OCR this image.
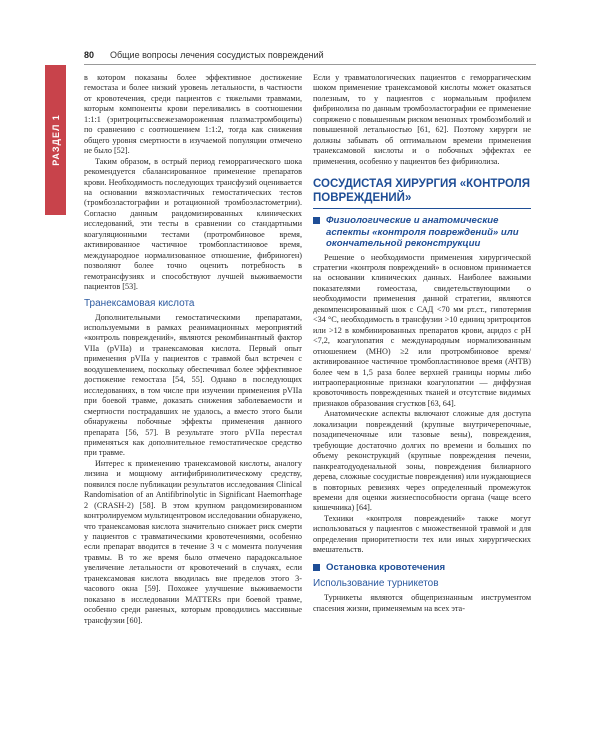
80 Общие вопросы лечения сосудистых повреждений
РАЗДЕЛ 1

в котором показаны более эффективное достижение гемостаза и более низкий уровень летальности, в частности от кровотечения, среди пациентов с тяжелыми травмами, которым компоненты крови переливались в соотношении 1:1:1 (эритроциты:свежезамороженная плазма:тромбоциты) по сравнению с соотношением 1:1:2, тогда как снижения общего уровня смертности в изучаемой популяции отмечено не было [52].

Таким образом, в острый период геморрагического шока рекомендуется сбалансированное применение препаратов крови. Необходимость последующих трансфузий оценивается на основании вязкоэластичных гемостатических тестов (тромбоэластографии и ротационной тромбоэластометрии). Согласно данным рандомизированных клинических исследований, эти тесты в сравнении со стандартными коагуляционными тестами (протромбиновое время, активированное частичное тромбопластиновое время, международное нормализованное отношение, фибриноген) позволяют более точно оценить потребность в гемотрансфузиях и способствуют лучшей выживаемости пациентов [53].

Транексамовая кислота

Дополнительными гемостатическими препаратами, используемыми в рамках реанимационных мероприятий «контроль повреждений», являются рекомбинантный фактор VIIa (рVIIa) и транексамовая кислота. Первый опыт применения рVIIa у пациентов с травмой был встречен с воодушевлением, поскольку обеспечивал более эффективное достижение гемостаза [54, 55]. Однако в последующих исследованиях, в том числе при изучении применения рVIIa при боевой травме, доказать снижения заболеваемости и смертности пострадавших не удалось, а вместо этого были обнаружены побочные эффекты применения данного препарата [56, 57]. В результате этого рVIIa перестал применяться как дополнительное гемостатическое средство при травме.

Интерес к применению транексамовой кислоты, аналогу лизина и мощному антифибринолитическому средству, появился после публикации результатов исследования Clinical Randomisation of an Antifibrinolytic in Significant Haemorrhage 2 (CRASH-2) [58]. В этом крупном рандомизированном контролируемом мультицентровом исследовании обнаружено, что транексамовая кислота значительно снижает риск смерти у пациентов с травматическими кровотечениями, особенно если препарат вводится в течение 3 ч с момента получения травмы. В то же время было отмечено парадоксальное увеличение летальности от кровотечений в случаях, если транексамовая кислота вводилась вне пределов этого 3-часового окна [59]. Похожее улучшение выживаемости показано в исследовании MATTERs при боевой травме, особенно среди раненых, которым проводились массивные трансфузии [60].

Если у травматологических пациентов с геморрагическим шоком применение транексамовой кислоты может оказаться полезным, то у пациентов с нормальным профилем фибринолиза по данным тромбоэластографии ее применение сопряжено с повышенным риском венозных тромбоэмболий и повышенной летальностью [61, 62]. Поэтому хирурги не должны забывать об оптимальном времени применения транексамовой кислоты и о побочных эффектах ее применения, особенно у пациентов без фибринолиза.

СОСУДИСТАЯ ХИРУРГИЯ «КОНТРОЛЯ ПОВРЕЖДЕНИЙ»
Физиологические и анатомические аспекты «контроля повреждений» или окончательной реконструкции

Решение о необходимости применения хирургической стратегии «контроля повреждений» в основном принимается на основании клинических данных. Наиболее важными показателями гомеостаза, свидетельствующими о необходимости применения данной стратегии, являются декомпенсированный шок с САД <70 мм рт.ст., гипотермия <34 °С, необходимость в трансфузии >10 единиц эритроцитов или >12 в комбинированных препаратов крови, ацидоз с рН <7,2, коагулопатия с международным нормализованным отношением (МНО) ≥2 или протромбиновое время/активированное частичное тромбопластиновое время (АЧТВ) более чем в 1,5 раза более верхней границы нормы либо интраоперационные признаки коагулопатии — диффузная кровоточивость поврежденных тканей и отсутствие видимых признаков образования сгустков [63, 64].

Анатомические аспекты включают сложные для доступа локализации повреждений (крупные внутричерепочные, позадипеченочные или тазовые вены), повреждения, требующие достаточно долгих по времени и больших по объему реконструкций (крупные повреждения печени, панкреатодуоденальной зоны, повреждения билиарного дерева, сложные сосудистые повреждения) или нуждающиеся в повторных ревизиях через определенный промежуток времени для оценки жизнеспособности органа (чаще всего кишечника) [64].

Техники «контроля повреждений» также могут использоваться у пациентов с множественной травмой и для определения приоритетности тех или иных хирургических вмешательств.

Остановка кровотечения
Использование турникетов

Турникеты являются общепризнанным инструментом спасения жизни, применяемым на всех эта-
